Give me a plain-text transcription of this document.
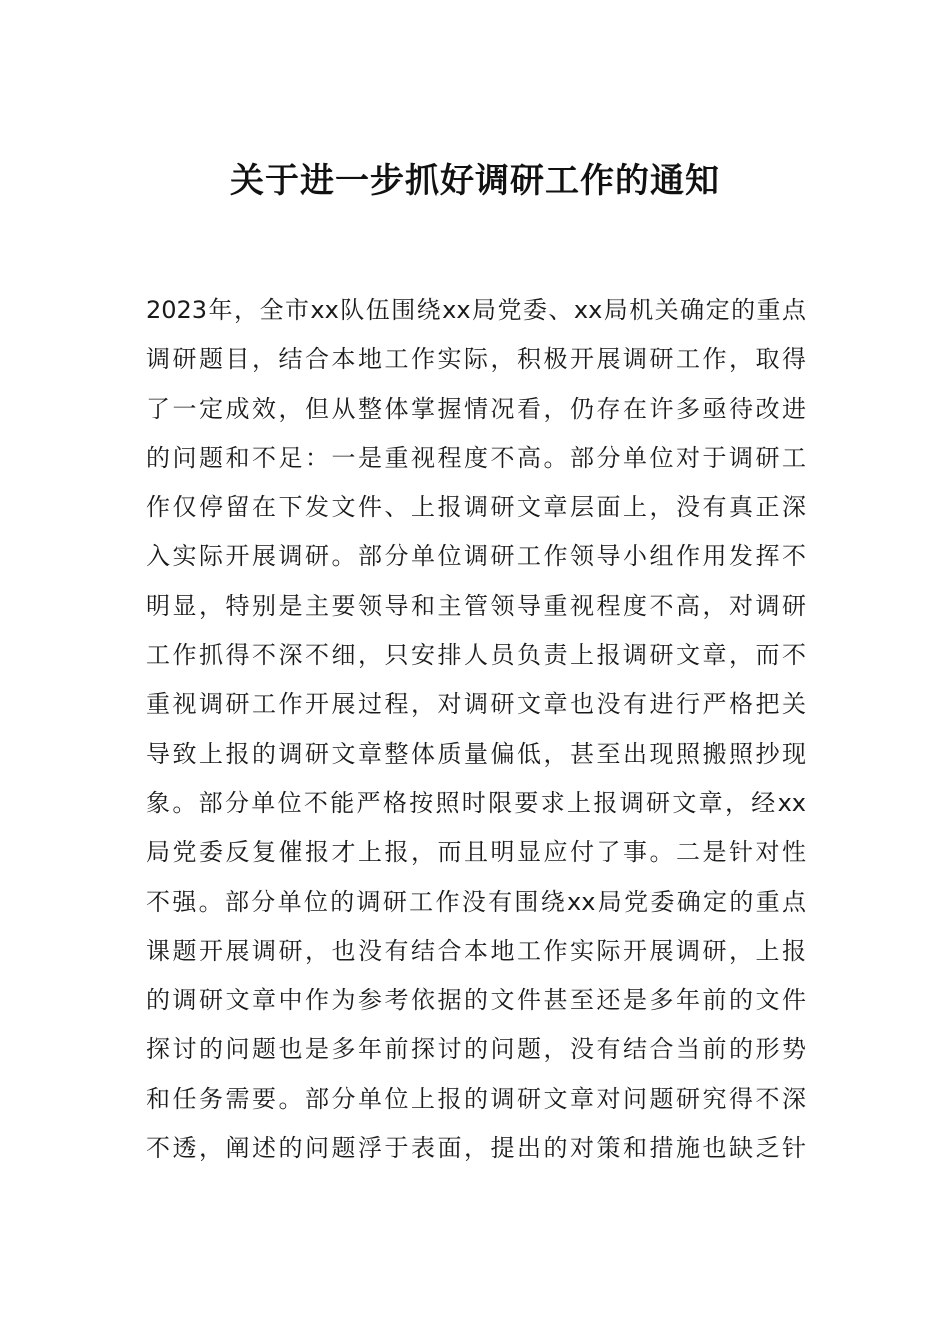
关于进一步抓好调研工作的通知
2023年，全市xx队伍围绕xx局党委、xx局机关确定的重点
调研题目，结合本地工作实际，积极开展调研工作，取得
了一定成效，但从整体掌握情况看，仍存在许多亟待改进
的问题和不足：一是重视程度不高。部分单位对于调研工
作仅停留在下发文件、上报调研文章层面上，没有真正深
入实际开展调研。部分单位调研工作领导小组作用发挥不
明显，特别是主要领导和主管领导重视程度不高，对调研
工作抓得不深不细，只安排人员负责上报调研文章，而不
重视调研工作开展过程，对调研文章也没有进行严格把关
导致上报的调研文章整体质量偏低，甚至出现照搬照抄现
象。部分单位不能严格按照时限要求上报调研文章，经xx
局党委反复催报才上报，而且明显应付了事。二是针对性
不强。部分单位的调研工作没有围绕xx局党委确定的重点
课题开展调研，也没有结合本地工作实际开展调研，上报
的调研文章中作为参考依据的文件甚至还是多年前的文件
探讨的问题也是多年前探讨的问题，没有结合当前的形势
和任务需要。部分单位上报的调研文章对问题研究得不深
不透，阐述的问题浮于表面，提出的对策和措施也缺乏针
